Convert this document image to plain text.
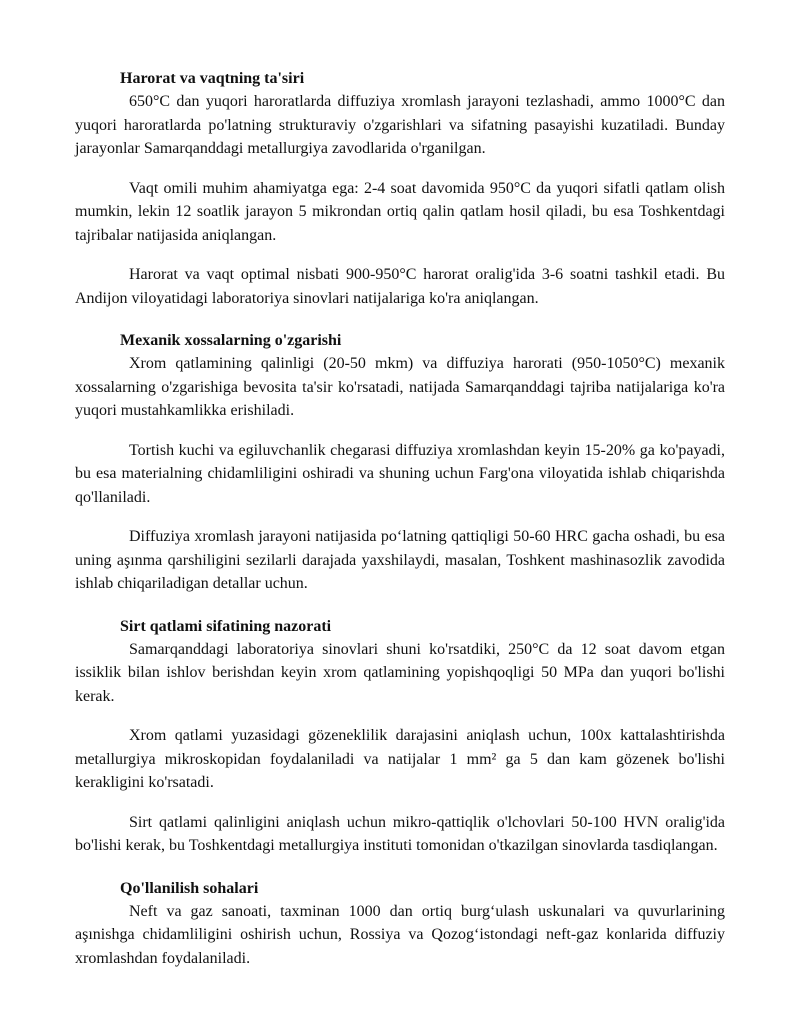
Harorat va vaqtning ta'siri

650°C dan yuqori haroratlarda diffuziya xromlash jarayoni tezlashadi, ammo 1000°C dan yuqori haroratlarda po'latning strukturaviy o'zgarishlari va sifatning pasayishi kuzatiladi. Bunday jarayonlar Samarqanddagi metallurgiya zavodlarida o'rganilgan.

Vaqt omili muhim ahamiyatga ega: 2-4 soat davomida 950°C da yuqori sifatli qatlam olish mumkin, lekin 12 soatlik jarayon 5 mikrondan ortiq qalin qatlam hosil qiladi, bu esa Toshkentdagi tajribalar natijasida aniqlangan.

Harorat va vaqt optimal nisbati 900-950°C harorat oralig'ida 3-6 soatni tashkil etadi. Bu Andijon viloyatidagi laboratoriya sinovlari natijalariga ko'ra aniqlangan.

Mexanik xossalarning o'zgarishi

Xrom qatlamining qalinligi (20-50 mkm) va diffuziya harorati (950-1050°C) mexanik xossalarning o'zgarishiga bevosita ta'sir ko'rsatadi, natijada Samarqanddagi tajriba natijalariga ko'ra yuqori mustahkamlikka erishiladi.

Tortish kuchi va egiluvchanlik chegarasi diffuziya xromlashdan keyin 15-20% ga ko'payadi, bu esa materialning chidamliligini oshiradi va shuning uchun Farg'ona viloyatida ishlab chiqarishda qo'llaniladi.

Diffuziya xromlash jarayoni natijasida po‘latning qattiqligi 50-60 HRC gacha oshadi, bu esa uning aşınma qarshiligini sezilarli darajada yaxshilaydi, masalan, Toshkent mashinasozlik zavodida ishlab chiqariladigan detallar uchun.

Sirt qatlami sifatining nazorati

Samarqanddagi laboratoriya sinovlari shuni ko'rsatdiki, 250°C da 12 soat davom etgan issiklik bilan ishlov berishdan keyin xrom qatlamining yopishqoqligi 50 MPa dan yuqori bo'lishi kerak.

Xrom qatlami yuzasidagi gözeneklilik darajasini aniqlash uchun, 100x kattalashtirishda metallurgiya mikroskopidan foydalaniladi va natijalar 1 mm² ga 5 dan kam gözenek bo'lishi kerakligini ko'rsatadi.

Sirt qatlami qalinligini aniqlash uchun mikro-qattiqlik o'lchovlari 50-100 HVN oralig'ida bo'lishi kerak, bu Toshkentdagi metallurgiya instituti tomonidan o'tkazilgan sinovlarda tasdiqlangan.

Qo'llanilish sohalari

Neft va gaz sanoati, taxminan 1000 dan ortiq burg‘ulash uskunalari va quvurlarining aşınishga chidamliligini oshirish uchun, Rossiya va Qozog‘istondagi neft-gaz konlarida diffuziy xromlashdan foydalaniladi.
